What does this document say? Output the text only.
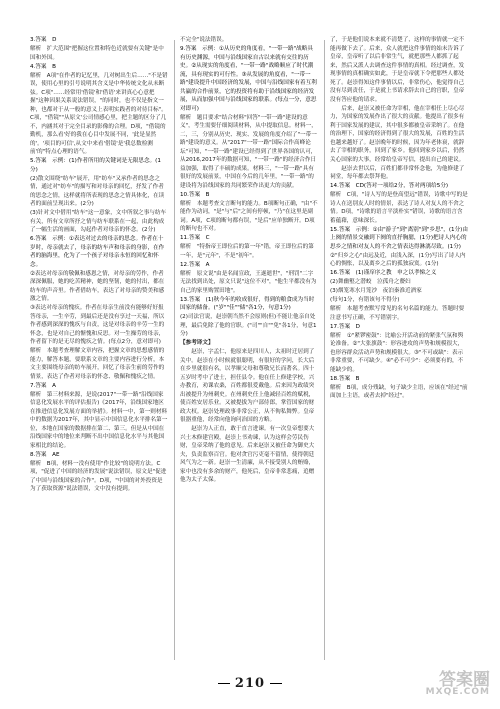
3.答案　D

解析　扩大范围"把握这位置和特色近就要有关键"是中国和外国。

4.答案　B

解析　A项"在作者的记忆里，几对树出生后……"不是错误，使用心里的引号说明其含义是中华传统文化从未断弦。C项"……经常用'借镜'和'借语'来讲真心心意把握"这种因果关系说法错误，"的同时，也不仅是指文一种，也都对于从一般的意义上表明实践者的对待目标"。C项，"借镜""从原文'公司情感心里，把主题的区分了几不，内涵其对于完全目录的影像的合理。D项，"借镜的勤机，那么看'好的我在心目中发展不同，'此是显然的'。'项目的可信',从文中来看'借镜'是'我总数检测前'的"特点心理的语气。

5.答案　示例：(1)作者所用的关键词是无限思念。(1分)

(2)散文围绕"纺车"展开，用"纺车"又承作者的思念之情，通过对"纺车"的描写和对母亲的回忆，抒发了作者的思念之情，这样就将所表现的思念之情具体化，在读者的面前呈现出来。(2分)

(3)针对文中借用"纺车"这一意象，文中所叙之事与纺车有关，所有文章所抒之情与纺车联系在一起，由此构成了一幅生活的画面，勾起作者对母亲的怀念。(2分)

6.答案　示例：①表达对过去的母亲的思念。作者在十岁时，母亲就去了，母亲的纺车声和母亲的身影，在作者的脑海里，化为了一个孩子对母亲永恒的回忆和怀念。

②表达对母亲的敬佩和感恩之情，对母亲的劳作，作者深深佩服，她的吃苦精神，她的坚韧，她的付出，都在纺车的声音里。作者借纺车，表达了对母亲的赞美和感激之情。

③表达对母亲的愧疚。作者在母亲生前没有能够好好报答母亲，一生辛劳，到最后还是没有享过一天福，所以作者感到深深的愧疚与自责，这是对母亲的辛劳一生的怀念，也是对自己的惭愧和反思。对一生操劳的母亲，作者留下的是无尽的愧疚之情。(每点2分，意对即可)

解析　本题考查理解文章内容，把握文章的思想感情的能力，解答本题，要联系文章的主要内容进行分析，本文主要围绕母亲的纺车展开，回忆了母亲生前的劳作的情景，表达了作者对母亲的怀念、敬佩和愧疚之情。

7.答案　A

解析　第三材料来源，是说(2017"一带一路"沿线国家信息化发展水平的评估报告)《2017年，沿线国家地区在推进信息化发展方面的举措》。材料一中，第一则材料中的数据为2017年，其中显示中国信息化水平排名第一位，本地在国家的数据排在第二、第三。但是从中国在沿线国家中的地位来判断不出中国信息化水平与其他国家相比的结论。

8.答案　AE

解析　B项，材料一没有使用"作比较"的说明方法。C项，"促进了中国的经济的发展"说法错误，原文是"促进了中国与沿线国家的合作"。D项，"中国的对外投资是为了获取资源"说法错误，文中没有提到。

不完全"说法错误。

9.答案　示例：①从历史的角度看，"一带一路"战略具有历史渊源，中国与沿线国家自古以来就有交往的历史。②从现实的角度看，"一带一路"战略顺应了时代潮流，具有现实的可行性。③从发展的角度看，"一带一路"建设提升中国经济的发展，中国与沿线国家有着互利共赢的合作前景，它的投资将有助于沿线国家的经济发展，从而加强中国与沿线国家的联系。(每点一分，意思对即可)

解析　题目要求"结合材料"回答"一带一路"建设的意义"，考生需要仔细阅读材料，从中提取信息。材料一，二，三，分别从历史、现实、发展的角度介绍了"一带一路"建设的意义。从"2017"一带一路"国际合作高峰论坛"可知，"一带一路"建设已经得到了世界各国的认可，从2016,2017年的数据可知，"一带一路"的经济合作日益加强，取得了丰硕的成果。材料三，"一带一路"具有很好的发展前景，中国在今后的几年里，"一带一路"的建设将为沿线国家的共同繁荣作出更大的贡献。

10.答案　B

解析　本题考查文言断句的能力。B项断句正确，"由"不能作为动词，"是"与"后"之间有停顿，"乃"在这里是副词。A项，C项的断句都有误，"是后"应单独断开。D项的断句也不对。

11.答案　C

解析　"特指帝王即位后的第一年"错，帝王即位后的第一年，是"元年"，不是"初年"。

12.答案　A

解析　原文说"由是名闻宣政，王遂逝世"，"刑罚"二字无法找到出处，原文只说"这位不对"，"他生平都没有为自己的家里购置田地"。

13.答案　(1)秋今年的收成很好，得到的粮食成为当时国家的储备。("岁""佳""储"各1分，句意1分)

(2)司法官说，赵崇朝当然不会原则(但)不能让他亲自处理，最后免除了他的官职。("司""自""免"各1分，句意1分)

【参考译文】

　　赵崇，字孟仁，他原来是四川人，太祖时迁居到了关中。赵崇在小时候就很聪明，有很好的学问，长大后在乡里就很有名，以孝顺父母和尊敬兄长而著名。四十五岁时考中了进士，担任县令。他在任上修建学校，兴办教育，劝课农桑，百姓都很爱戴他。后来因为政绩突出被提升为州刺史。在州刺史任上他减轻百姓的赋税，使百姓安居乐业。又被提拔为户部侍郎，掌管国家的财政大权。赵崇处理政事非常公正，从不徇私舞弊。皇帝很器重他，经常向他询问治国的方略。

　　赵崇为人正直，敢于直言进谏。有一次皇帝想要大兴土木修建宫殿，赵崇上书劝谏，认为这样会劳民伤财，皇帝采纳了他的意见。后来赵崇又被任命为御史大夫，负责监察百官。他对贪官污吏毫不留情，使得朝廷风气为之一新。赵崇一生清廉，从不接受别人的贿赂，家中也没有多余的财产，他死后，皇帝非常悲痛，追赠他为太子太保。

了，于是他们说本来就不清楚了，这样的事情就一定不能再做下去了。后来，众人就把这件事情的始末告诉了皇帝，皇帝听了以后非常生气，就把那些人都抓了起来，然后又派人去调查这件事情的真相。经过调查，发现事情的真相确实如此，于是皇帝就下令把那些人都处死了。赵崇得知这件事情以后，非常伤心，他觉得自己没有尽到责任，于是就上书请求辞去自己的官职，皇帝没有答应他的请求。

　　后来，赵崇又被任命为宰相，他在宰相任上尽心尽力，为国家的发展作出了很大的贡献。他提出了很多有利于国家发展的建议，其中很多都被皇帝采纳了。在他的治理下，国家的经济得到了很大的发展，百姓的生活也越来越好了。赵崇晚年的时候，因为年老体衰，就辞去了宰相的职务，回到了家乡。他回到家乡以后，仍然关心国家的大事，经常给皇帝写信，提出自己的建议。

　　赵崇去世以后，百姓们都非常怀念他，为他修建了祠堂，每年都去祭拜他。

14.答案　CD(答对一项给2分，答对两项给5分)

解析　C项，"诗人写的是登高望远"错误，诗歌中写的是诗人在送别友人时的情景，表达了诗人对友人的不舍之情。D项，"诗歌的语言平淡朴实"错误，诗歌的语言含蓄蕴藉，意味深长。

15.答案　示例：①由"游子"到"离别"到"乡思"，(1分)由上阕的情景交融到下阕的直抒胸臆，(1分)把诗人内心的思乡之情和对友人的不舍之情表达得淋漓尽致。(1分)

②"归乡之心"由远及近，由浅入深，(1分)写出了诗人内心的惆怅，以及离乡之后的孤独寂寞。(1分)

16.答案　(1)谨庠序之教　申之以孝悌之义

(2)舞幽壑之潜蛟　泣孤舟之嫠妇

(3)烟笼寒水月笼沙　夜泊秦淮近酒家

(每句1分，有错该句不得分)

解析　本题考查默写常见的名句名篇的能力。答题时要注意书写正确，不写错别字。

17.答案　D

解析　①"紧锣密鼓"：比喻公开活动前的紧张气氛和舆论准备。②"大张旗鼓"：形容进攻的声势和规模很大，也形容群众活动声势和规模很大。③"不可或缺"：表示非常重要，不可缺少。④"必不可少"：必须要有的，不能缺少的。

18.答案　B

解析　B项，成分残缺，句子缺少主语，应该在"经过"前面加上主语，或者去掉"经过"。

210	答案圈
MXQE.COM
